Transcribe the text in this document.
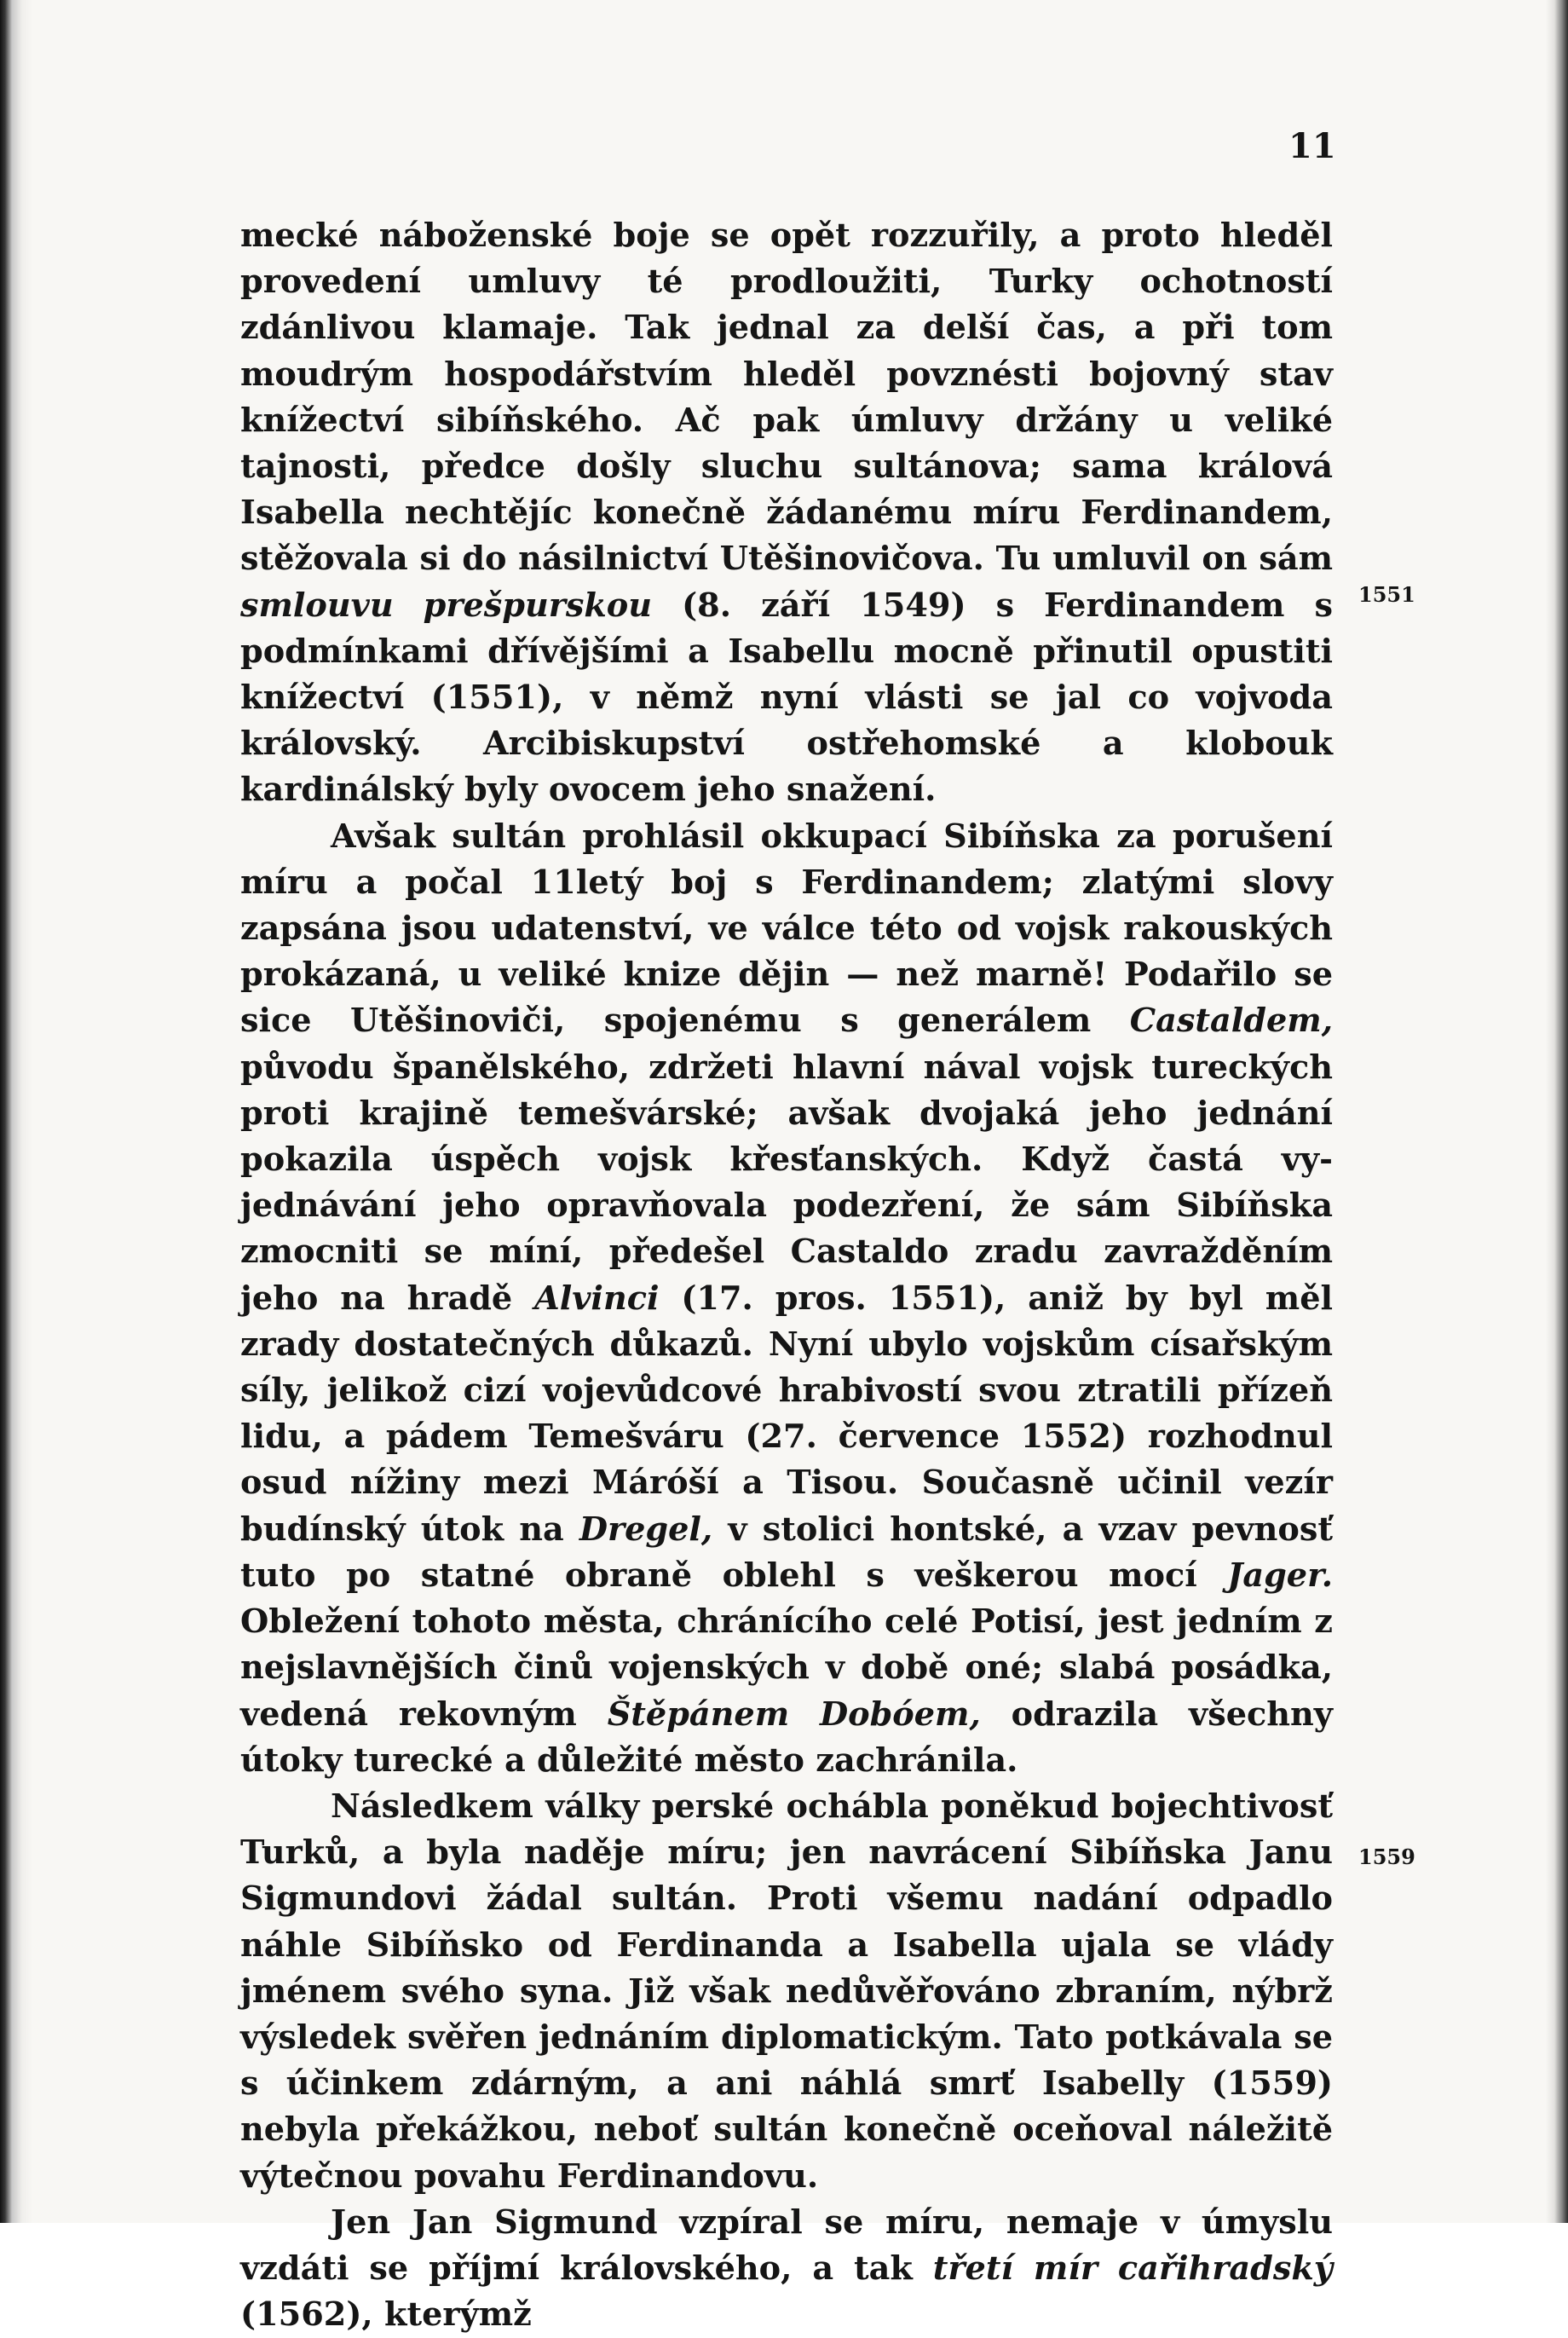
11

mecké náboženské boje se opět rozzuřily, a proto hleděl provedení umluvy té prodloužiti, Turky ochotností zdánlivou klamaje. Tak jednal za delší čas, a při tom moudrým hospodářstvím hleděl povznésti bojovný stav knížectví sibíňského. Ač pak úmluvy držány u veliké tajnosti, předce došly sluchu sultánova; sama králová Isabella nechtějíc konečně žádanému míru Ferdinandem, stěžovala si do násilnictví Utěšinovičova. Tu umluvil on sám smlouvu prešpurskou (8. září 1549) s Ferdinandem s podmínkami dřívějšími a Isabellu mocně přinutil opustiti knížectví (1551), v němž nyní vlásti se jal co vojvoda královský. Arcibiskupství ostřehomské a klobouk kardinálský byly ovocem jeho snažení.

Avšak sultán prohlásil okkupací Sibíňska za porušení míru a počal 11letý boj s Ferdinandem; zlatými slovy zapsána jsou udatenství, ve válce této od vojsk rakouských prokázaná, u veliké knize dějin — než marně! Podařilo se sice Utěšinoviči, spojenému s generálem Castaldem, původu španělského, zdržeti hlavní nával vojsk tureckých proti krajině temešvárské; avšak dvojaká jeho jednání pokazila úspěch vojsk křesťanských. Když častá vyjednávání jeho opravňovala podezření, že sám Sibíňska zmocniti se míní, předešel Castaldo zradu zavražděním jeho na hradě Alvinci (17. pros. 1551), aniž by byl měl zrady dostatečných důkazů. Nyní ubylo vojskům císařským síly, jelikož cizí vojevůdcové hrabivostí svou ztratili přízeň lidu, a pádem Temešváru (27. července 1552) rozhodnul osud nížiny mezi Máróší a Tisou. Současně učinil vezír budínský útok na Dregel, v stolici hontské, a vzav pevnosť tuto po statné obraně oblehl s veškerou mocí Jager. Obležení tohoto města, chránícího celé Potisí, jest jedním z nejslavnějších činů vojenských v době oné; slabá posádka, vedená rekovným Štěpánem Dobóem, odrazila všechny útoky turecké a důležité město zachránila.

Následkem války perské ochábla poněkud bojechtivosť Turků, a byla naděje míru; jen navrácení Sibíňska Janu Sigmundovi žádal sultán. Proti všemu nadání odpadlo náhle Sibíňsko od Ferdinanda a Isabella ujala se vlády jménem svého syna. Již však nedůvěřováno zbraním, nýbrž výsledek svěřen jednáním diplomatickým. Tato potkávala se s účinkem zdárným, a ani náhlá smrť Isabelly (1559) nebyla překážkou, neboť sultán konečně oceňoval náležitě výtečnou povahu Ferdinandovu.

Jen Jan Sigmund vzpíral se míru, nemaje v úmyslu vzdáti se příjmí královského, a tak třetí mír cařihradský (1562), kterýmž

1551
1559
